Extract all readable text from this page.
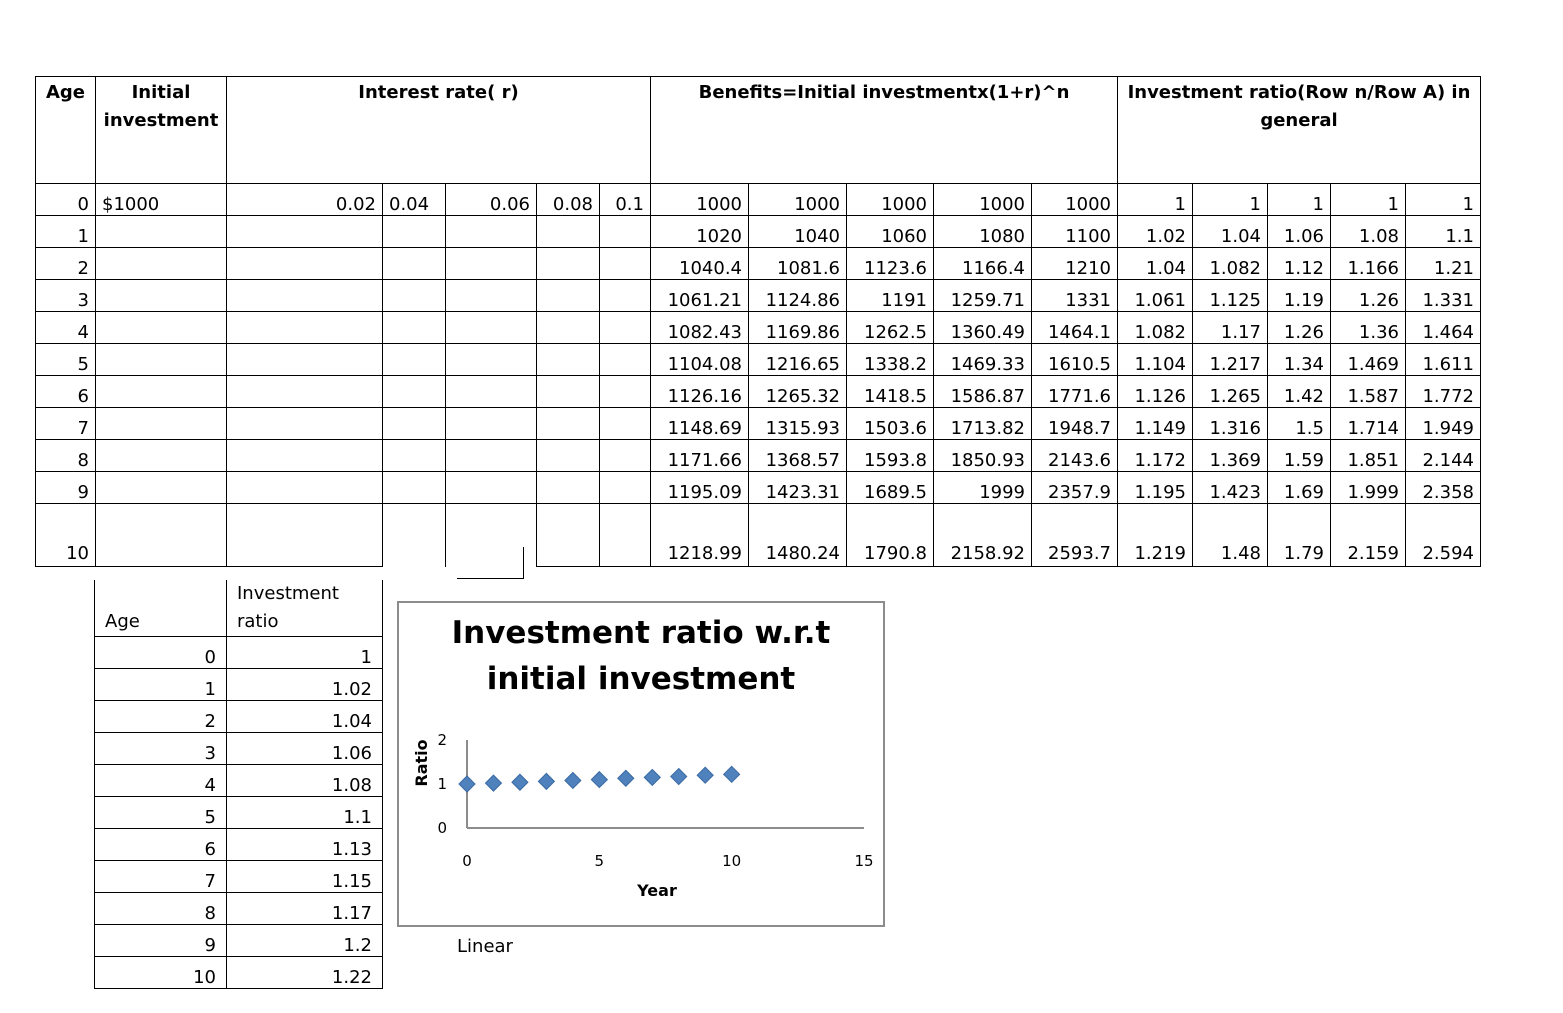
Age	Initial investment	Interest rate( r)					Benefits=Initial investmentx(1+r)^n					Investment ratio(Row n/Row A) in general				
0	$1000	0.02	0.04	0.06	0.08	0.1	1000	1000	1000	1000	1000	1	1	1	1	1
1							1020	1040	1060	1080	1100	1.02	1.04	1.06	1.08	1.1
2							1040.4	1081.6	1123.6	1166.4	1210	1.04	1.082	1.12	1.166	1.21
3							1061.21	1124.86	1191	1259.71	1331	1.061	1.125	1.19	1.26	1.331
4							1082.43	1169.86	1262.5	1360.49	1464.1	1.082	1.17	1.26	1.36	1.464
5							1104.08	1216.65	1338.2	1469.33	1610.5	1.104	1.217	1.34	1.469	1.611
6							1126.16	1265.32	1418.5	1586.87	1771.6	1.126	1.265	1.42	1.587	1.772
7							1148.69	1315.93	1503.6	1713.82	1948.7	1.149	1.316	1.5	1.714	1.949
8							1171.66	1368.57	1593.8	1850.93	2143.6	1.172	1.369	1.59	1.851	2.144
9							1195.09	1423.31	1689.5	1999	2357.9	1.195	1.423	1.69	1.999	2.358
10							1218.99	1480.24	1790.8	2158.92	2593.7	1.219	1.48	1.79	2.159	2.594
Age	Investment ratio
0	1
1	1.02
2	1.04
3	1.06
4	1.08
5	1.1
6	1.13
7	1.15
8	1.17
9	1.2
10	1.22
Investment ratio w.r.t
initial investment
0
1
2
0	5	10	15
Year
Ratio
Linear
